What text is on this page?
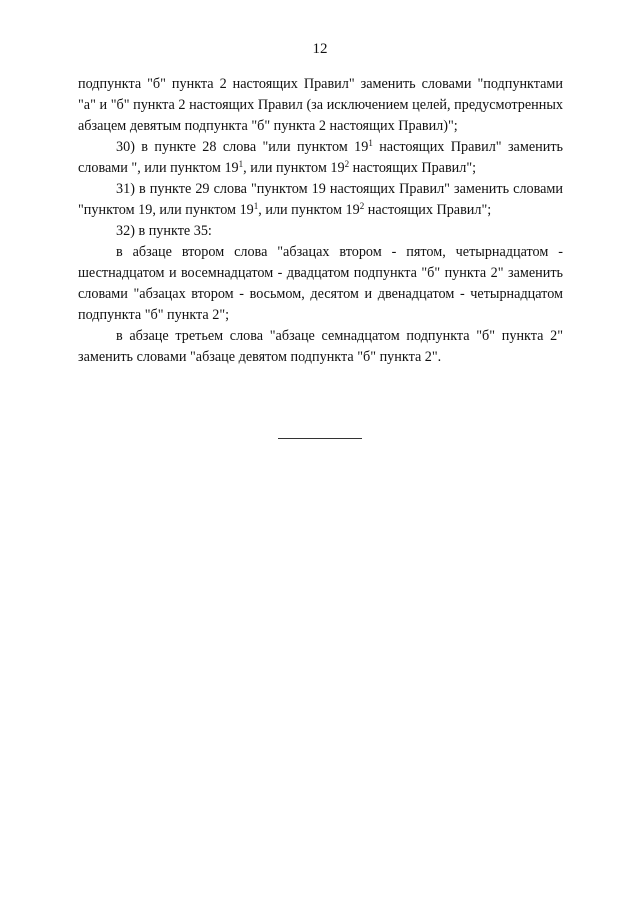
12

подпункта "б" пункта 2 настоящих Правил" заменить словами "подпунктами "а" и "б" пункта 2 настоящих Правил (за исключением целей, предусмотренных абзацем девятым подпункта "б" пункта 2 настоящих Правил)";

30) в пункте 28 слова "или пунктом $19^1$ настоящих Правил" заменить словами ", или пунктом $19^1$, или пунктом $19^2$ настоящих Правил";

31) в пункте 29 слова "пунктом 19 настоящих Правил" заменить словами "пунктом 19, или пунктом $19^1$, или пунктом $19^2$ настоящих Правил";

32) в пункте 35:

в абзаце втором слова "абзацах втором - пятом, четырнадцатом - шестнадцатом и восемнадцатом - двадцатом подпункта "б" пункта 2" заменить словами "абзацах втором - восьмом, десятом и двенадцатом - четырнадцатом подпункта "б" пункта 2";

в абзаце третьем слова "абзаце семнадцатом подпункта "б" пункта 2" заменить словами "абзаце девятом подпункта "б" пункта 2".
